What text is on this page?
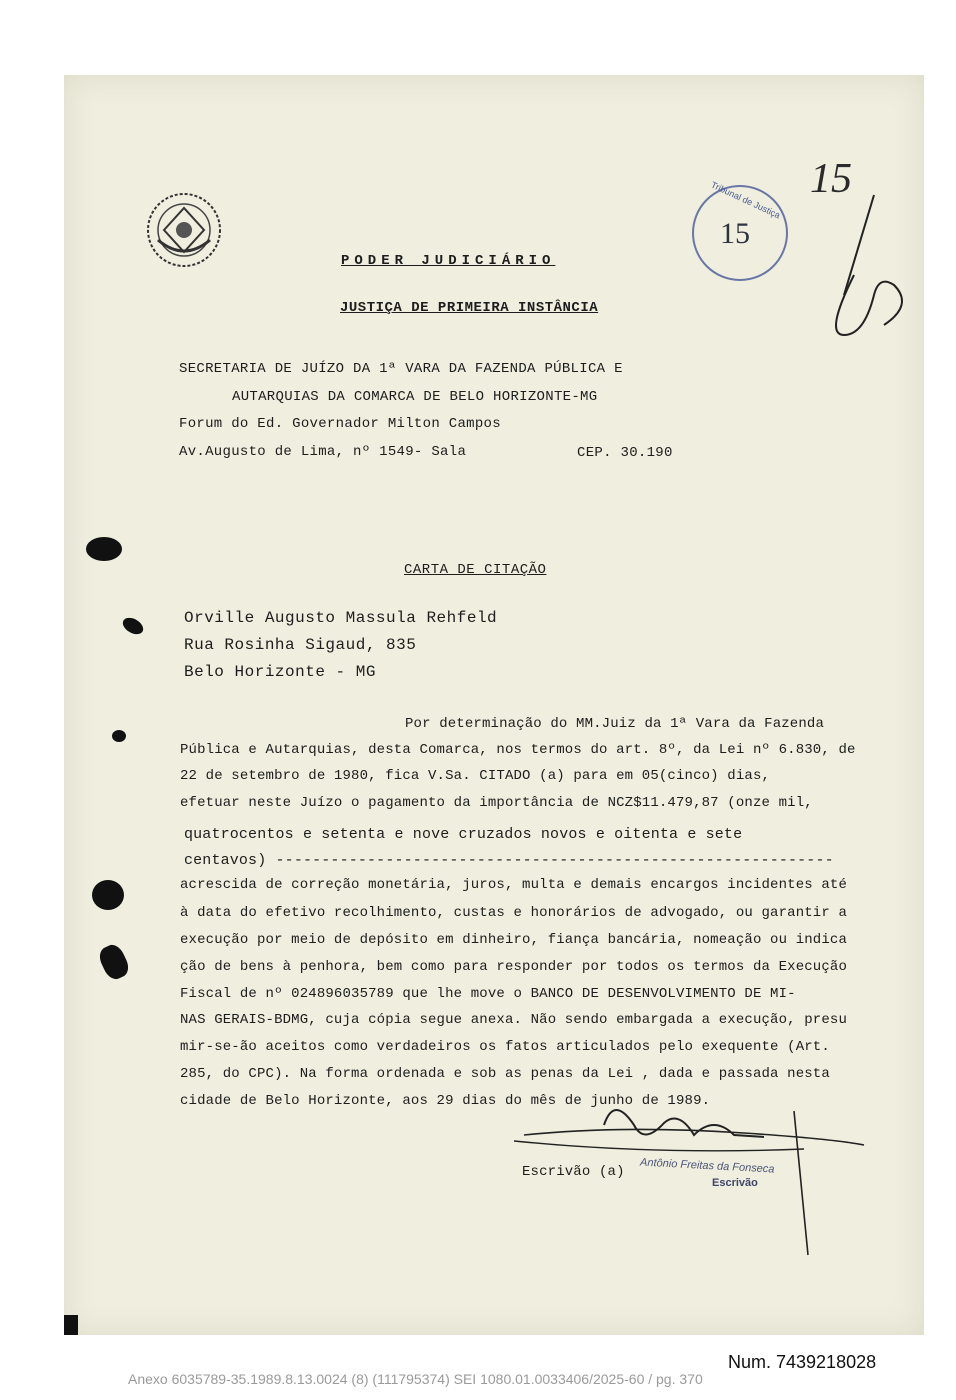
Tribunal de Justiça
15
15
PODER JUDICIÁRIO
JUSTIÇA DE PRIMEIRA INSTÂNCIA
SECRETARIA DE JUÍZO DA 1ª VARA DA FAZENDA PÚBLICA E
AUTARQUIAS DA COMARCA DE BELO HORIZONTE-MG
Forum do Ed. Governador Milton Campos
Av.Augusto de Lima, nº 1549- Sala	CEP. 30.190
CARTA DE CITAÇÃO
Orville Augusto Massula Rehfeld
Rua Rosinha Sigaud, 835
Belo Horizonte - MG
Por determinação do MM.Juiz da 1ª Vara da Fazenda
Pública e Autarquias, desta Comarca, nos termos do art. 8º, da Lei nº 6.830, de
22 de setembro de 1980, fica V.Sa. CITADO (a) para em 05(cinco) dias,
efetuar neste Juízo o pagamento da importância de NCZ$11.479,87 (onze mil,
quatrocentos e setenta e nove cruzados novos e oitenta e sete
centavos) -------------------------------------------------------------
acrescida de correção monetária, juros, multa e demais encargos incidentes até
à data do efetivo recolhimento, custas e honorários de advogado, ou garantir a
execução por meio de depósito em dinheiro, fiança bancária, nomeação ou indica
ção de bens à penhora, bem como para responder por todos os termos da Execução
Fiscal de nº 024896035789 que lhe move o BANCO DE DESENVOLVIMENTO DE MI-
NAS GERAIS-BDMG, cuja cópia segue anexa. Não sendo embargada a execução, presu
mir-se-ão aceitos como verdadeiros os fatos articulados pelo exequente (Art.
285, do CPC). Na forma ordenada e sob as penas da Lei , dada e passada nesta
cidade de Belo Horizonte, aos 29 dias do mês de junho de 1989.
Escrivão (a) Antônio Freitas da Fonseca
Escrivão
Num. 7439218028
Anexo 6035789-35.1989.8.13.0024 (8) (111795374) SEI 1080.01.0033406/2025-60 / pg. 370
